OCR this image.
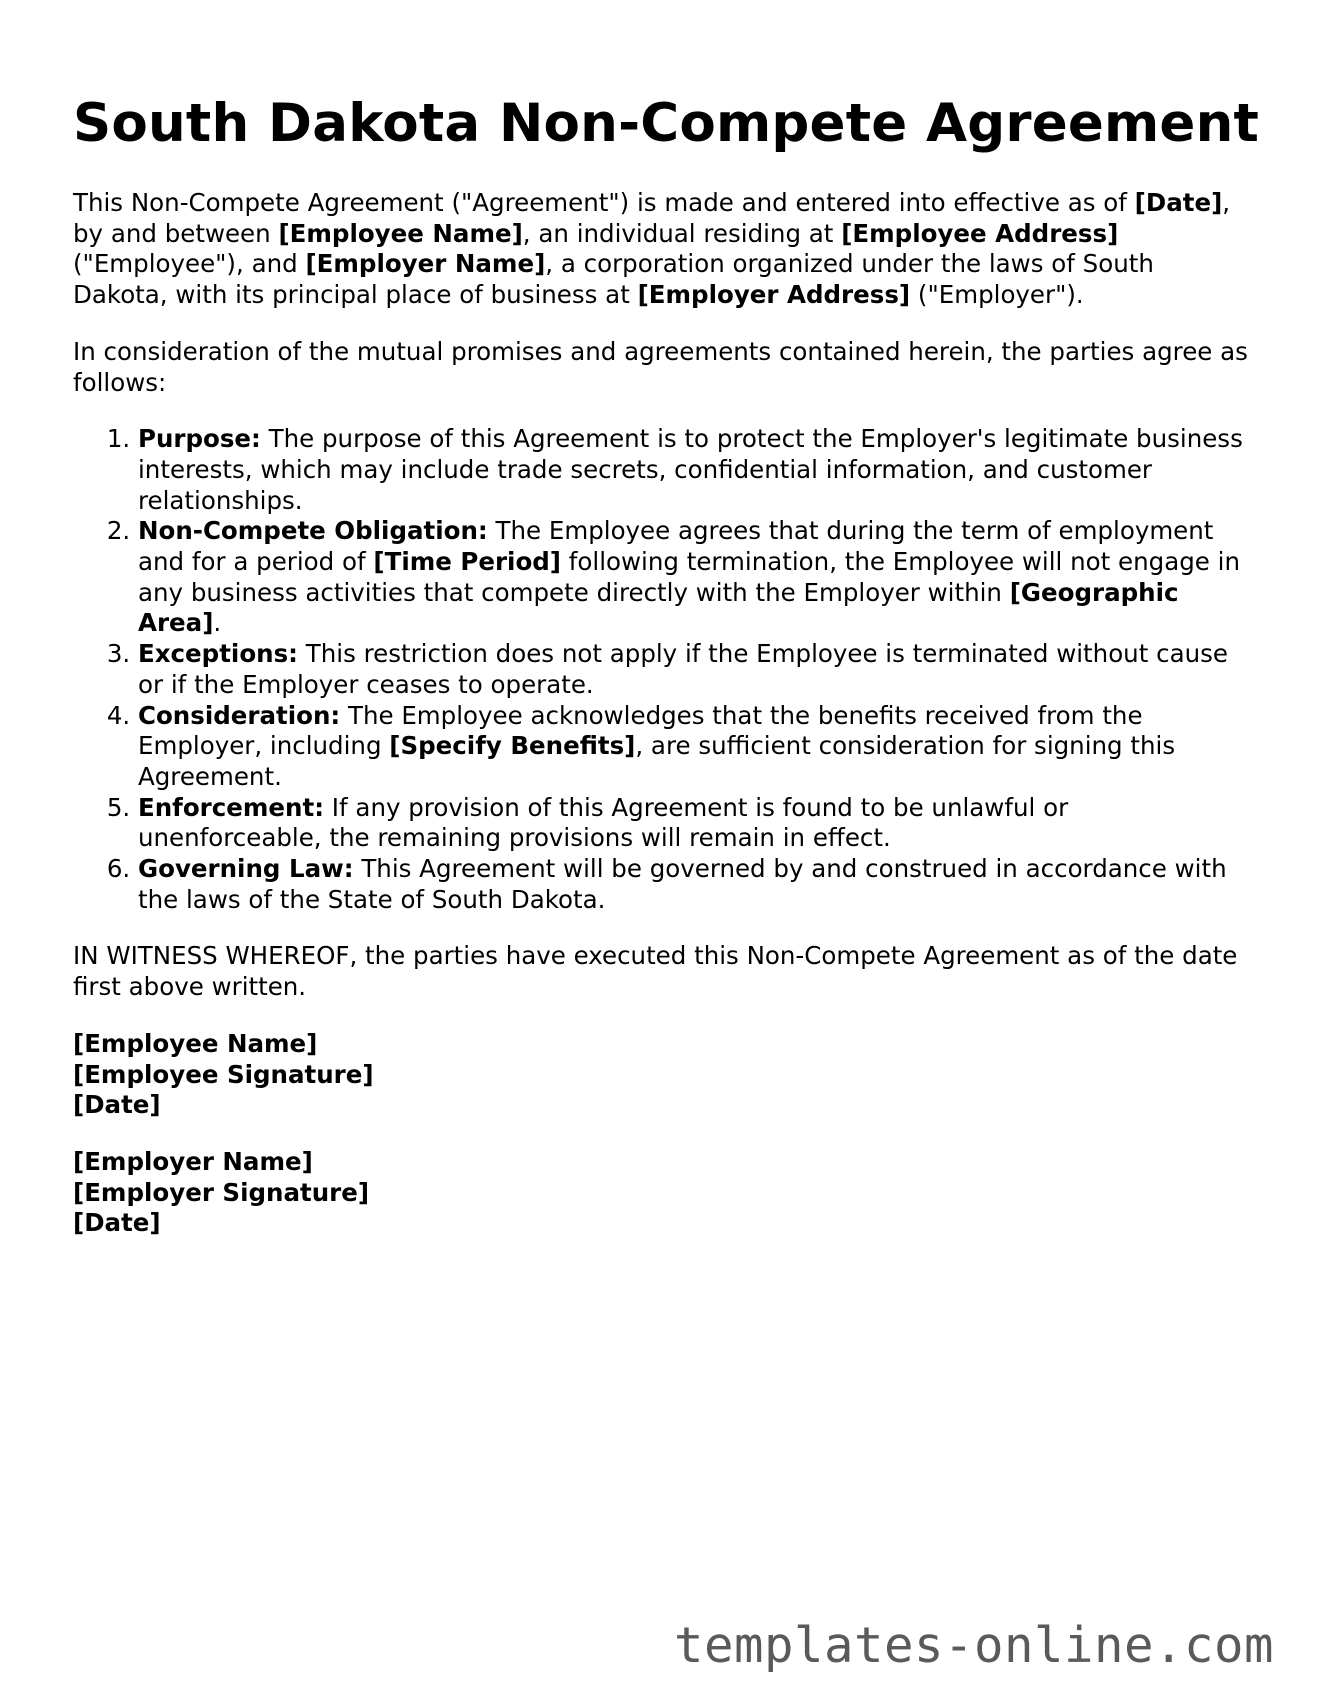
South Dakota Non-Compete Agreement

This Non-Compete Agreement ("Agreement") is made and entered into effective as of [Date], by and between [Employee Name], an individual residing at [Employee Address] ("Employee"), and [Employer Name], a corporation organized under the laws of South Dakota, with its principal place of business at [Employer Address] ("Employer").

In consideration of the mutual promises and agreements contained herein, the parties agree as follows:

1. Purpose: The purpose of this Agreement is to protect the Employer's legitimate business interests, which may include trade secrets, confidential information, and customer relationships.
2. Non-Compete Obligation: The Employee agrees that during the term of employment and for a period of [Time Period] following termination, the Employee will not engage in any business activities that compete directly with the Employer within [Geographic Area].
3. Exceptions: This restriction does not apply if the Employee is terminated without cause or if the Employer ceases to operate.
4. Consideration: The Employee acknowledges that the benefits received from the Employer, including [Specify Benefits], are sufficient consideration for signing this Agreement.
5. Enforcement: If any provision of this Agreement is found to be unlawful or unenforceable, the remaining provisions will remain in effect.
6. Governing Law: This Agreement will be governed by and construed in accordance with the laws of the State of South Dakota.

IN WITNESS WHEREOF, the parties have executed this Non-Compete Agreement as of the date first above written.

[Employee Name]
[Employee Signature]
[Date]
[Employer Name]
[Employer Signature]
[Date]
templates-online.com
